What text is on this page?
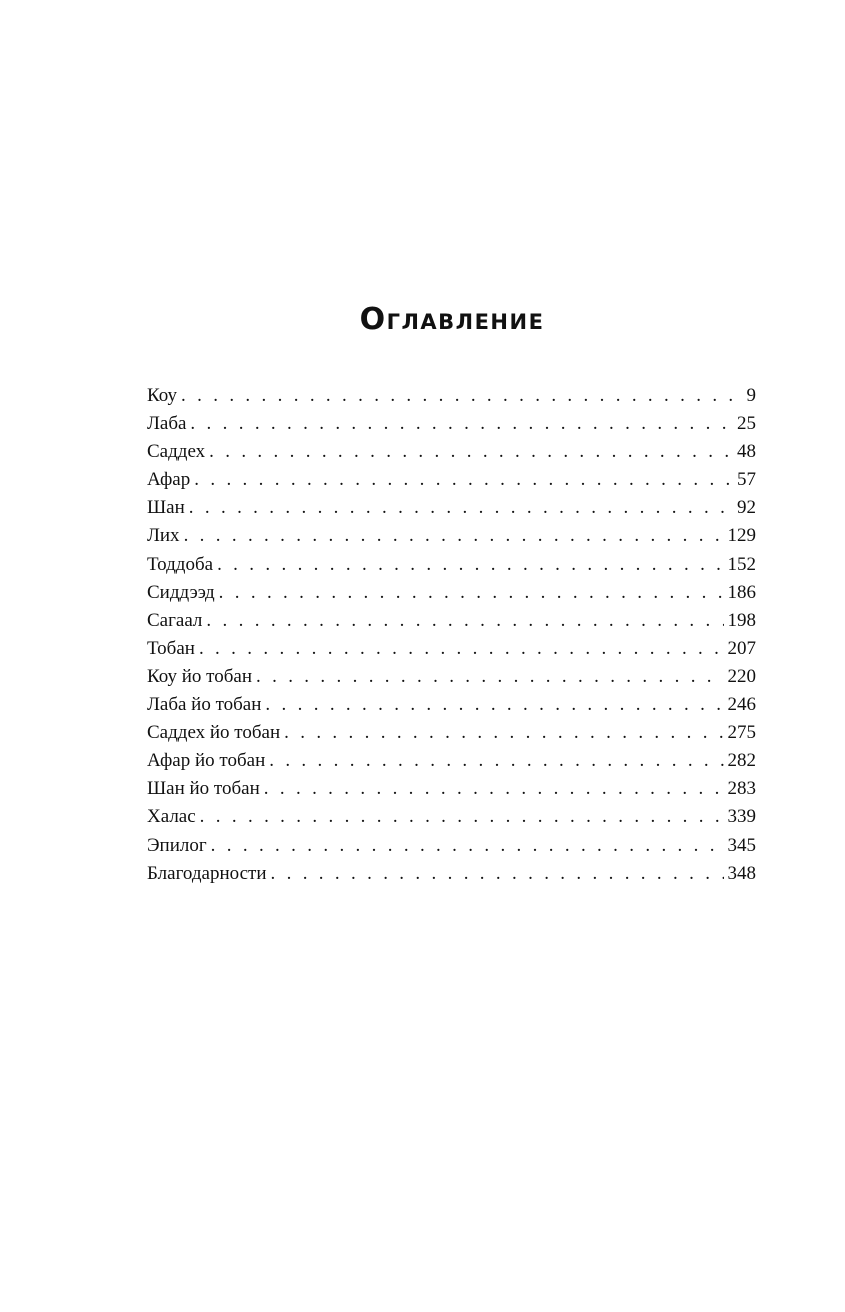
Оглавление
Коу . . .	9
Лаба . . .	25
Саддех . . .	48
Афар . . .	57
Шан . . .	92
Лих . . .	129
Тоддоба . . .	152
Сиддээд . . .	186
Сагаал . . .	198
Тобан . . .	207
Коу йо тобан . . .	220
Лаба йо тобан . . .	246
Саддех йо тобан . . .	275
Афар йо тобан . . .	282
Шан йо тобан . . .	283
Халас . . .	339
Эпилог . . .	345
Благодарности . . .	348
